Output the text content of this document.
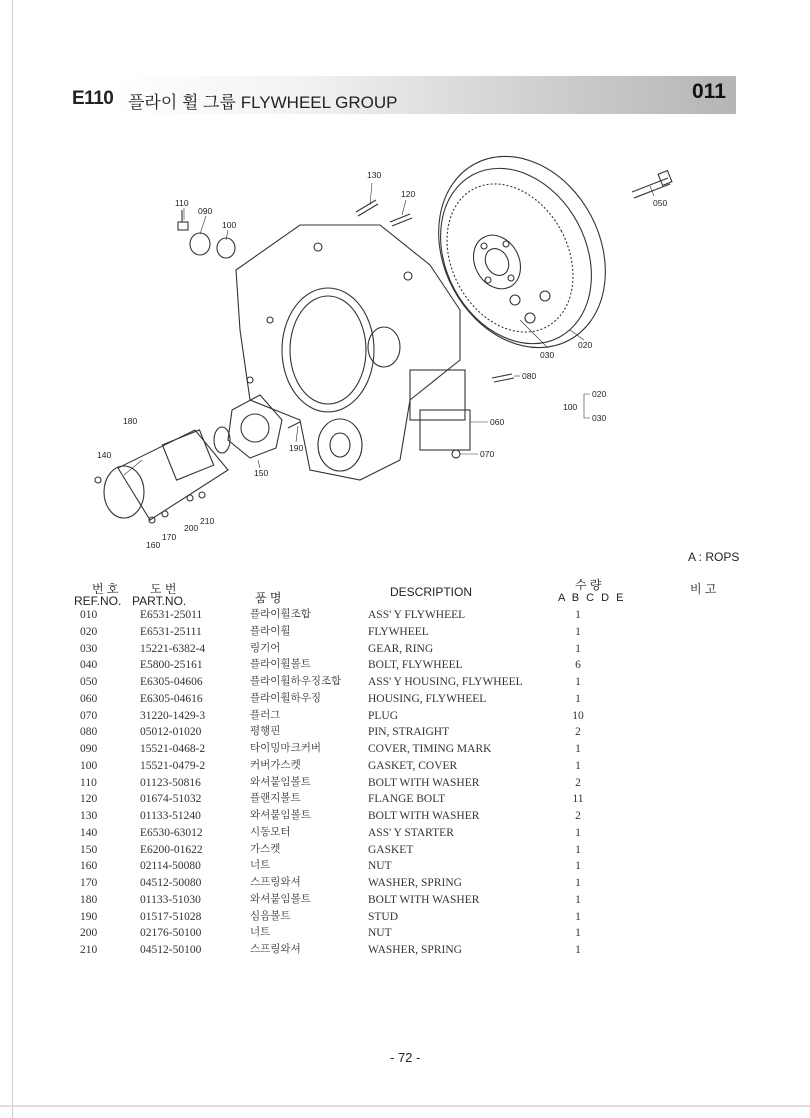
E110 플라이 휠 그룹 FLYWHEEL GROUP	011
130
120
110
090
100
050
030
020
080
020
100
030
060
070
180
140
190
150
210
200
170
160
A : ROPS
번 호
REF.NO.
도 번
PART.NO.	품 명	DESCRIPTION	수 량
A B C D E
비 고
010	E6531-25011	플라이휠조합	ASS' Y FLYWHEEL	1
020	E6531-25111	플라이휠	FLYWHEEL	1
030	15221-6382-4	링기어	GEAR, RING	1
040	E5800-25161	플라이휠볼트	BOLT, FLYWHEEL	6
050	E6305-04606	플라이휠하우징조합	ASS' Y HOUSING, FLYWHEEL	1
060	E6305-04616	플라이휠하우징	HOUSING, FLYWHEEL	1
070	31220-1429-3	플러그	PLUG	10
080	05012-01020	평행핀	PIN, STRAIGHT	2
090	15521-0468-2	타이밍마크커버	COVER, TIMING MARK	1
100	15521-0479-2	커버가스켓	GASKET, COVER	1
110	01123-50816	와셔붙임볼트	BOLT WITH WASHER	2
120	01674-51032	플랜지볼트	FLANGE BOLT	11
130	01133-51240	와셔붙임볼트	BOLT WITH WASHER	2
140	E6530-63012	시동모터	ASS' Y STARTER	1
150	E6200-01622	가스켓	GASKET	1
160	02114-50080	너트	NUT	1
170	04512-50080	스프링와셔	WASHER, SPRING	1
180	01133-51030	와셔붙임볼트	BOLT WITH WASHER	1
190	01517-51028	심음볼트	STUD	1
200	02176-50100	너트	NUT	1
210	04512-50100	스프링와셔	WASHER, SPRING	1
- 72 -
